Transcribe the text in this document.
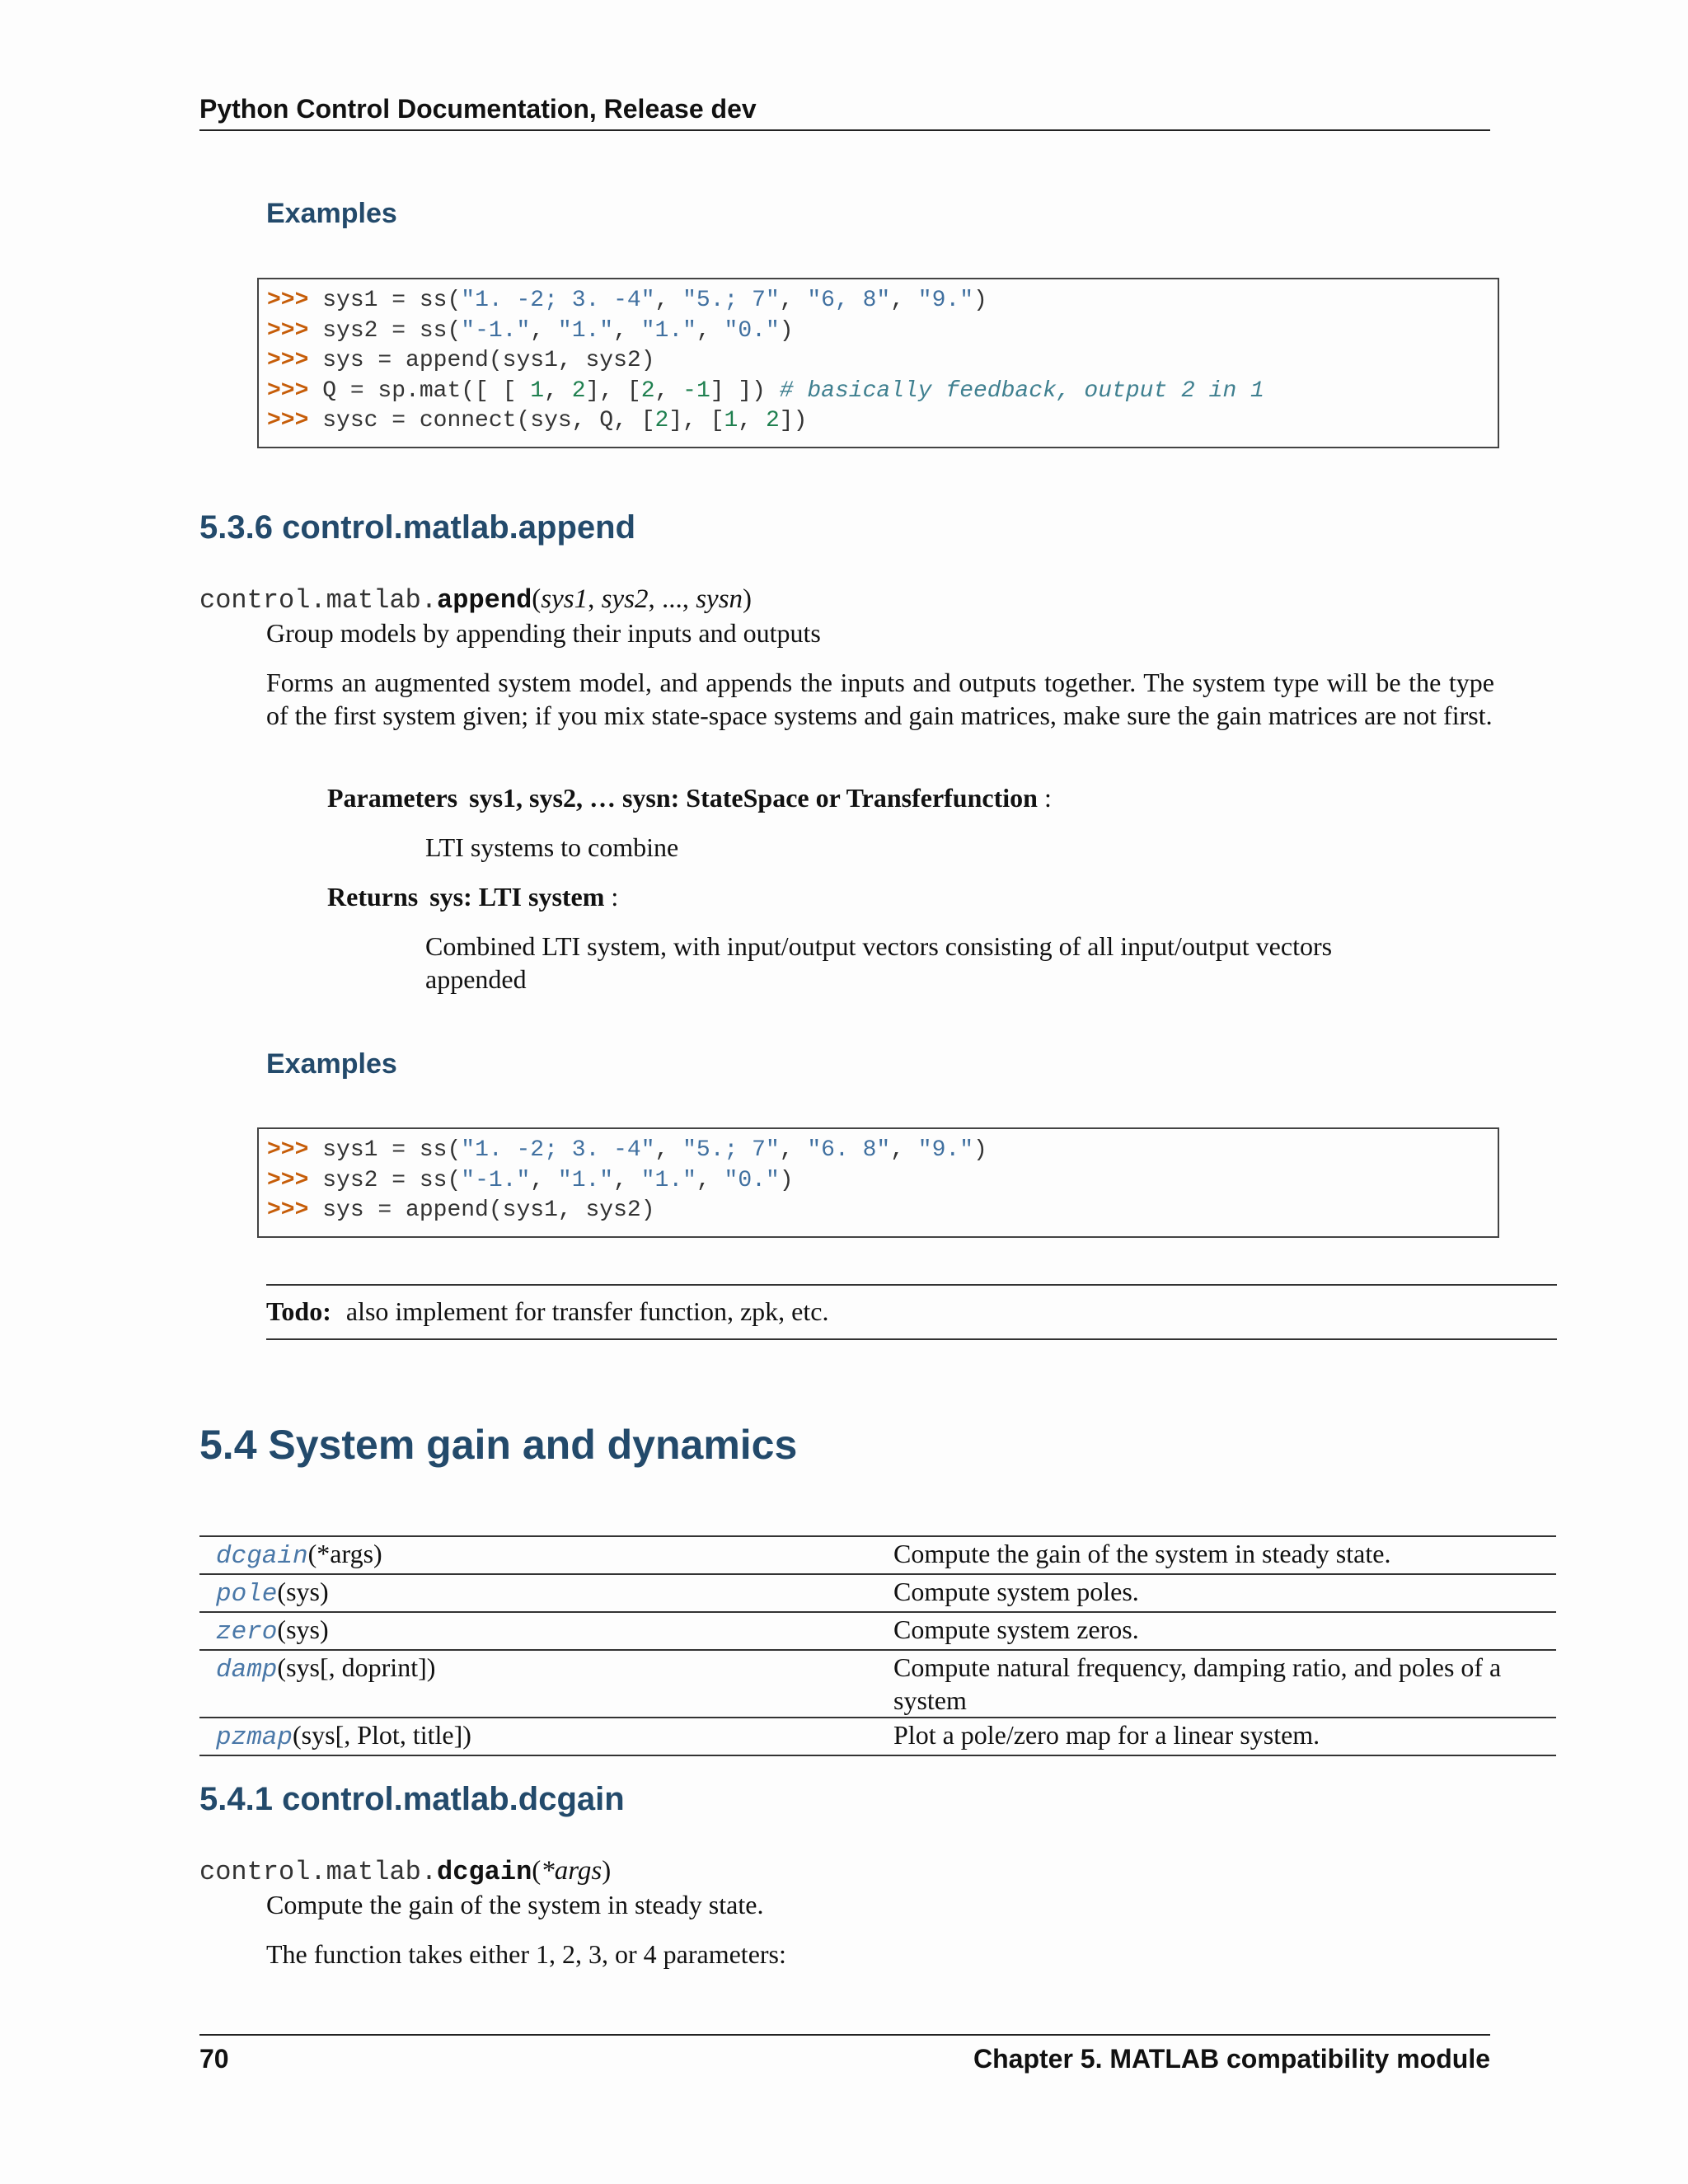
Python Control Documentation, Release dev
Examples
>>> sys1 = ss("1. -2; 3. -4", "5.; 7", "6, 8", "9.")
>>> sys2 = ss("-1.", "1.", "1.", "0.")
>>> sys = append(sys1, sys2)
>>> Q = sp.mat([ [ 1, 2], [2, -1] ]) # basically feedback, output 2 in 1
>>> sysc = connect(sys, Q, [2], [1, 2])
5.3.6 control.matlab.append
control.matlab.append(sys1, sys2, ..., sysn)
Group models by appending their inputs and outputs
Forms an augmented system model, and appends the inputs and outputs together. The system type will be the type of the first system given; if you mix state-space systems and gain matrices, make sure the gain matrices are not first.
Parameters sys1, sys2, … sysn: StateSpace or Transferfunction :
LTI systems to combine
Returns sys: LTI system :
Combined LTI system, with input/output vectors consisting of all input/output vectors appended
Examples
>>> sys1 = ss("1. -2; 3. -4", "5.; 7", "6. 8", "9.")
>>> sys2 = ss("-1.", "1.", "1.", "0.")
>>> sys = append(sys1, sys2)
Todo: also implement for transfer function, zpk, etc.
5.4 System gain and dynamics
dcgain(*args)	Compute the gain of the system in steady state.
pole(sys)	Compute system poles.
zero(sys)	Compute system zeros.
damp(sys[, doprint])	Compute natural frequency, damping ratio, and poles of a system
pzmap(sys[, Plot, title])	Plot a pole/zero map for a linear system.
5.4.1 control.matlab.dcgain
control.matlab.dcgain(*args)
Compute the gain of the system in steady state.
The function takes either 1, 2, 3, or 4 parameters:
70	Chapter 5. MATLAB compatibility module
